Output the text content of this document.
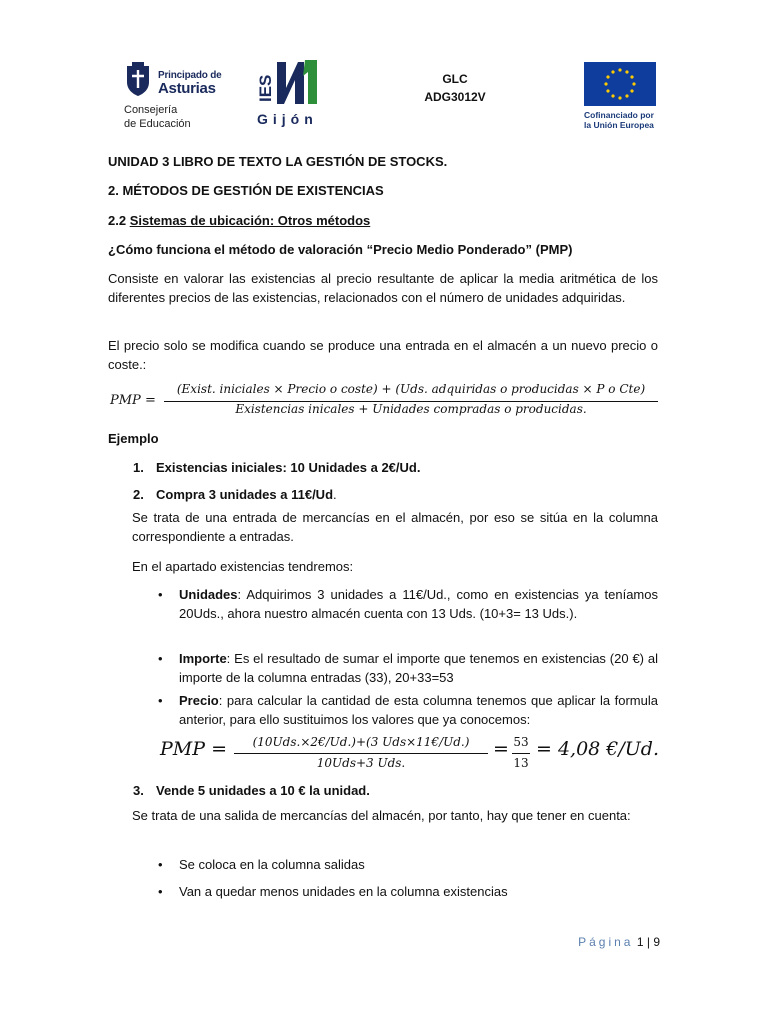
Principado de
Asturias
Consejería
de Educación
IES
Gijón
GLC
ADG3012V
Cofinanciado por
la Unión Europea
UNIDAD 3 LIBRO DE TEXTO LA GESTIÓN DE STOCKS.
2. MÉTODOS DE GESTIÓN DE EXISTENCIAS
2.2 Sistemas de ubicación: Otros métodos
¿Cómo funciona el método de valoración “Precio Medio Ponderado” (PMP)
Consiste en valorar las existencias al precio resultante de aplicar la media aritmética de los diferentes precios de las existencias, relacionados con el número de unidades adquiridas.
El precio solo se modifica cuando se produce una entrada en el almacén a un nuevo precio o coste.:
PMP =
(Exist. iniciales × Precio o coste) + (Uds. adquiridas o producidas × P o Cte)
Existencias inicales + Unidades compradas o producidas.
Ejemplo
1. Existencias iniciales: 10 Unidades a 2€/Ud.
2. Compra 3 unidades a 11€/Ud.
Se trata de una entrada de mercancías en el almacén, por eso se sitúa en la columna correspondiente a entradas.
En el apartado existencias tendremos:
•	Unidades: Adquirimos 3 unidades a 11€/Ud., como en existencias ya teníamos 20Uds., ahora nuestro almacén cuenta con 13 Uds. (10+3= 13 Uds.).
•	Importe: Es el resultado de sumar el importe que tenemos en existencias (20 €) al importe de la columna entradas (33), 20+33=53
•	Precio: para calcular la cantidad de esta columna tenemos que aplicar la formula anterior, para ello sustituimos los valores que ya conocemos:
PMP =	(10Uds.×2€/Ud.)+(3 Uds×11€/Ud.)
10Uds+3 Uds.
= 53
13
= 4,08 €/Ud.
3. Vende 5 unidades a 10 € la unidad.
Se trata de una salida de mercancías del almacén, por tanto, hay que tener en cuenta:
•	Se coloca en la columna salidas
•	Van a quedar menos unidades en la columna existencias
Página 1 | 9
